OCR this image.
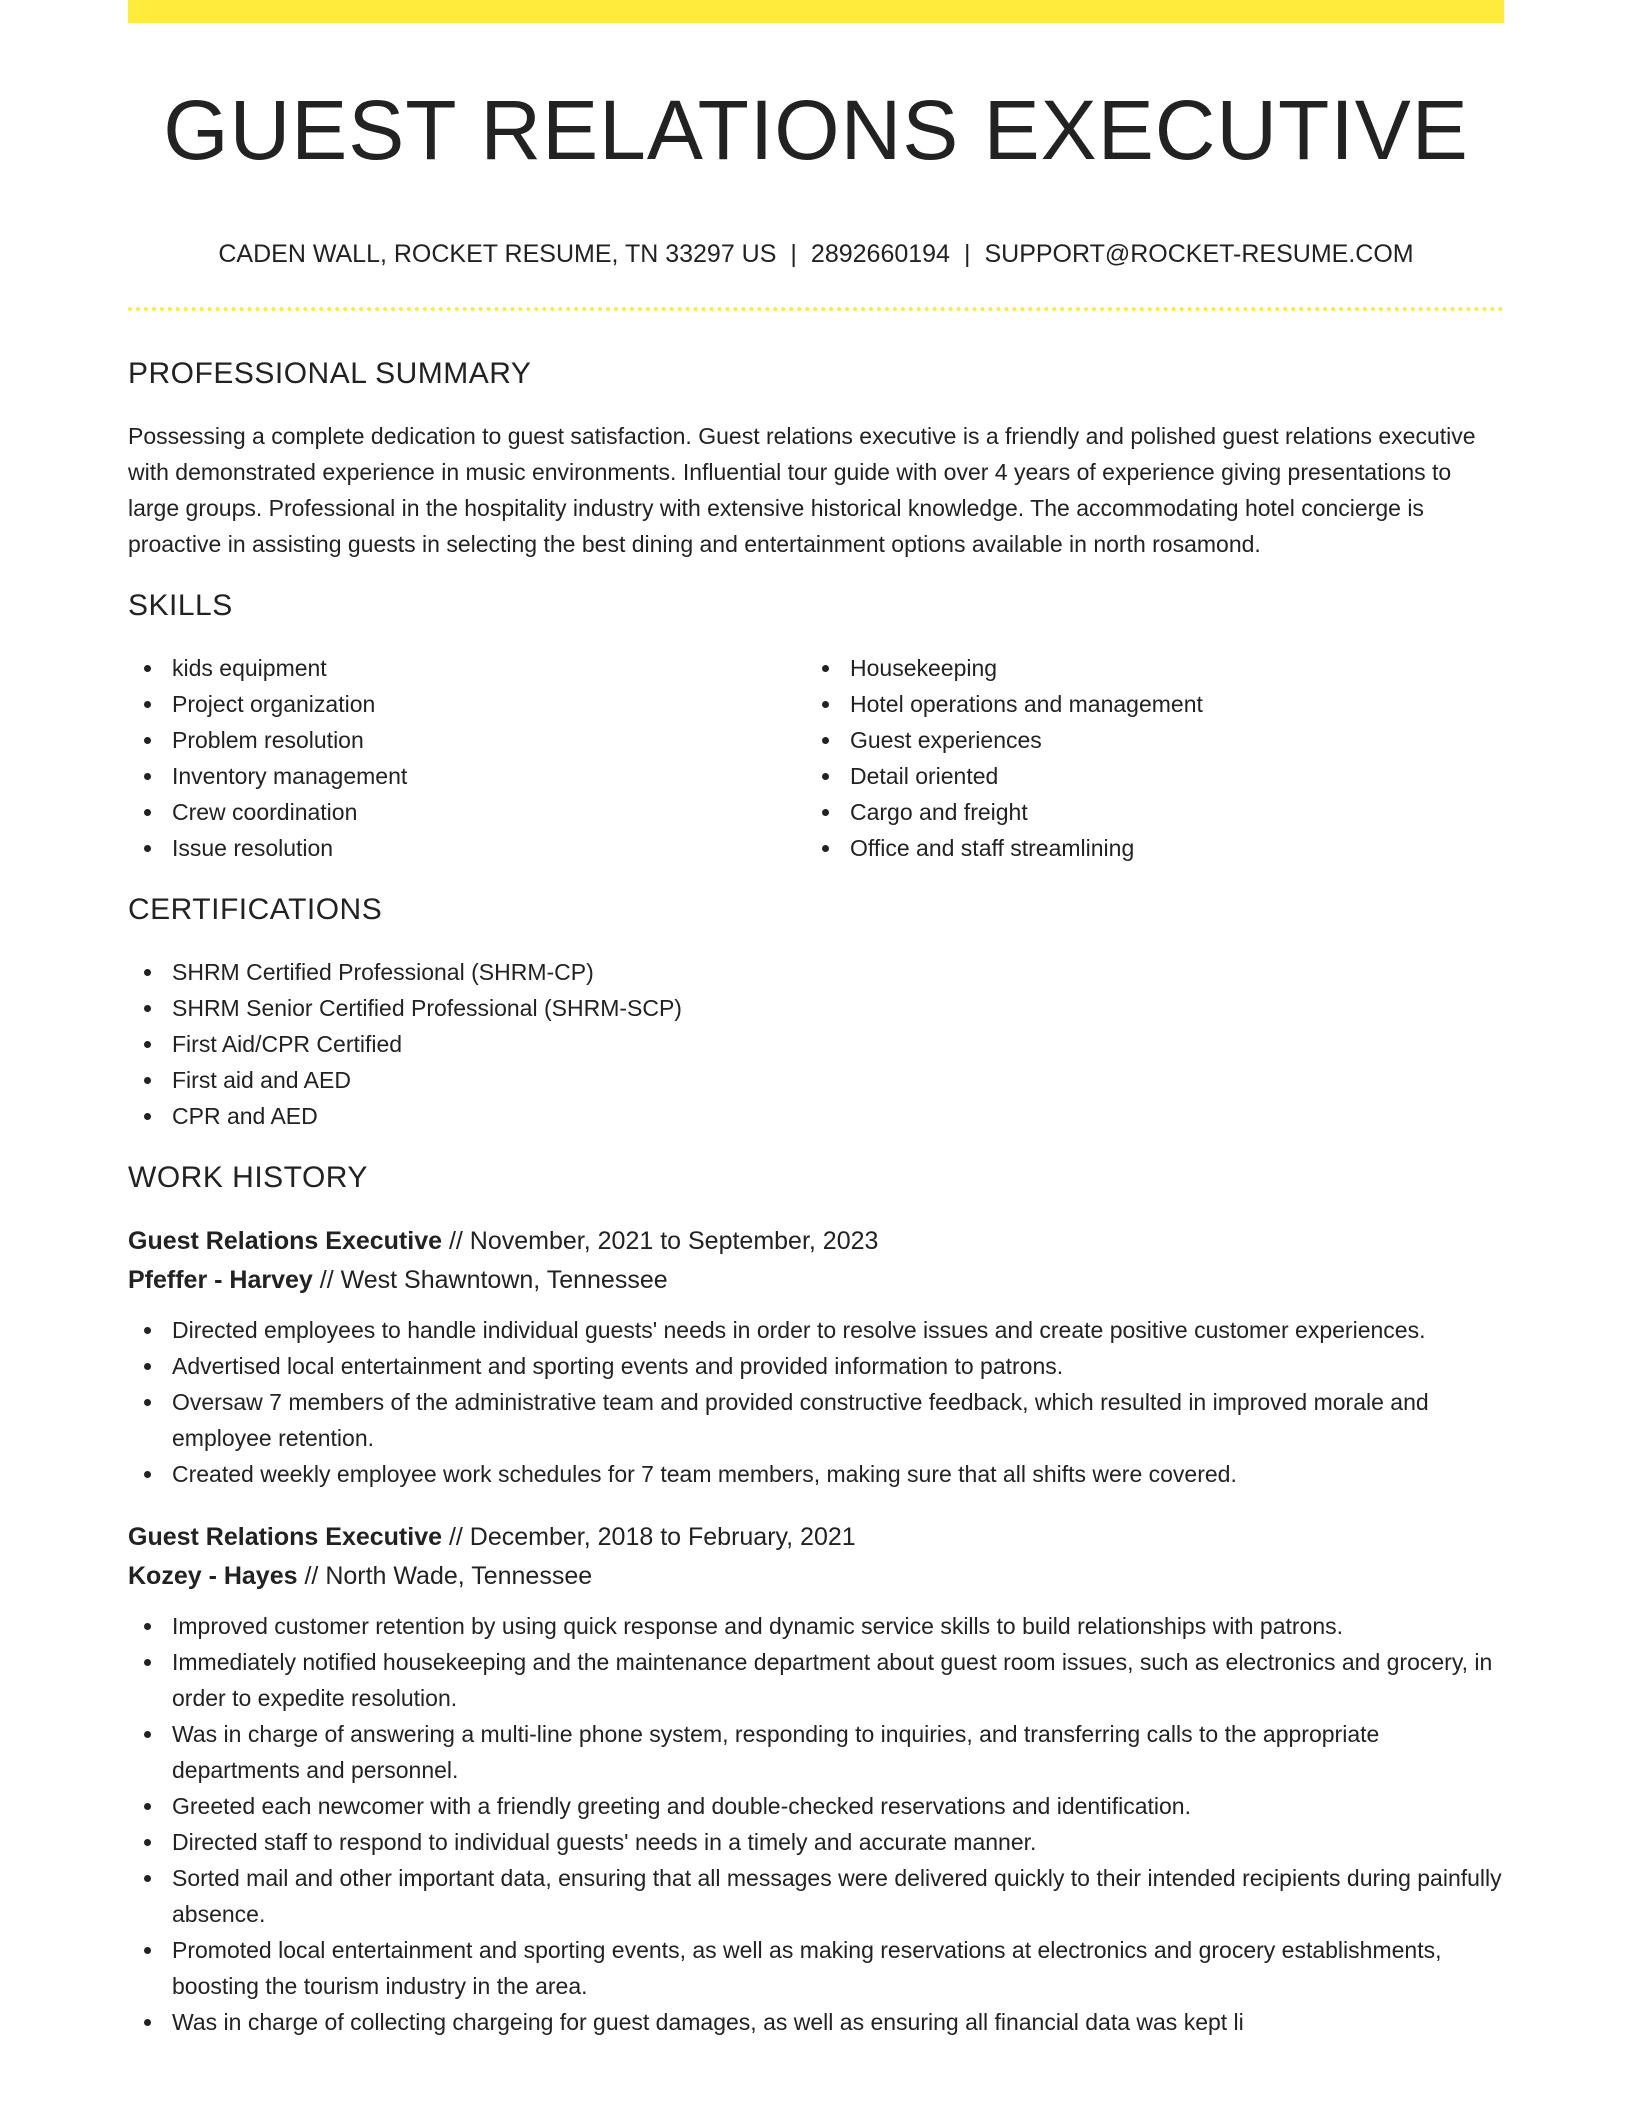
GUEST RELATIONS EXECUTIVE
CADEN WALL, ROCKET RESUME, TN 33297 US | 2892660194 | SUPPORT@ROCKET-RESUME.COM
PROFESSIONAL SUMMARY

Possessing a complete dedication to guest satisfaction. Guest relations executive is a friendly and polished guest relations executive with demonstrated experience in music environments. Influential tour guide with over 4 years of experience giving presentations to large groups. Professional in the hospitality industry with extensive historical knowledge. The accommodating hotel concierge is proactive in assisting guests in selecting the best dining and entertainment options available in north rosamond.

SKILLS
kids equipment
Project organization
Problem resolution
Inventory management
Crew coordination
Issue resolution
Housekeeping
Hotel operations and management
Guest experiences
Detail oriented
Cargo and freight
Office and staff streamlining
CERTIFICATIONS
SHRM Certified Professional (SHRM-CP)
SHRM Senior Certified Professional (SHRM-SCP)
First Aid/CPR Certified
First aid and AED
CPR and AED
WORK HISTORY

Guest Relations Executive // November, 2021 to September, 2023

Pfeffer - Harvey // West Shawntown, Tennessee

Directed employees to handle individual guests' needs in order to resolve issues and create positive customer experiences.
Advertised local entertainment and sporting events and provided information to patrons.
Oversaw 7 members of the administrative team and provided constructive feedback, which resulted in improved morale and employee retention.
Created weekly employee work schedules for 7 team members, making sure that all shifts were covered.

Guest Relations Executive // December, 2018 to February, 2021

Kozey - Hayes // North Wade, Tennessee

Improved customer retention by using quick response and dynamic service skills to build relationships with patrons.
Immediately notified housekeeping and the maintenance department about guest room issues, such as electronics and grocery, in order to expedite resolution.
Was in charge of answering a multi-line phone system, responding to inquiries, and transferring calls to the appropriate departments and personnel.
Greeted each newcomer with a friendly greeting and double-checked reservations and identification.
Directed staff to respond to individual guests' needs in a timely and accurate manner.
Sorted mail and other important data, ensuring that all messages were delivered quickly to their intended recipients during painfully absence.
Promoted local entertainment and sporting events, as well as making reservations at electronics and grocery establishments, boosting the tourism industry in the area.
Was in charge of collecting chargeing for guest damages, as well as ensuring all financial data was kept li
